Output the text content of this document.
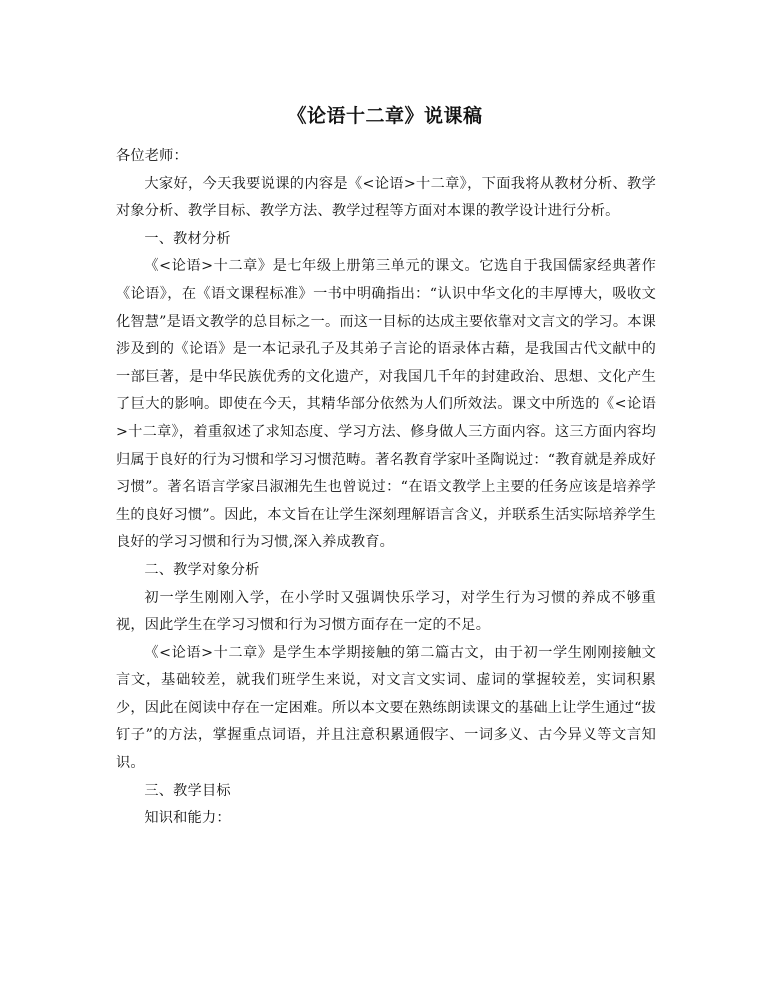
《论语十二章》说课稿

各位老师：

大家好，今天我要说课的内容是《<论语>十二章》，下面我将从教材分析、教学对象分析、教学目标、教学方法、教学过程等方面对本课的教学设计进行分析。

一、教材分析

《<论语>十二章》是七年级上册第三单元的课文。它选自于我国儒家经典著作《论语》，在《语文课程标准》一书中明确指出：“认识中华文化的丰厚博大，吸收文化智慧”是语文教学的总目标之一。而这一目标的达成主要依靠对文言文的学习。本课涉及到的《论语》是一本记录孔子及其弟子言论的语录体古藉，是我国古代文献中的一部巨著，是中华民族优秀的文化遗产，对我国几千年的封建政治、思想、文化产生了巨大的影响。即使在今天，其精华部分依然为人们所效法。课文中所选的《<论语>十二章》，着重叙述了求知态度、学习方法、修身做人三方面内容。这三方面内容均归属于良好的行为习惯和学习习惯范畴。著名教育学家叶圣陶说过：“教育就是养成好习惯”。著名语言学家吕淑湘先生也曾说过：“在语文教学上主要的任务应该是培养学生的良好习惯”。因此，本文旨在让学生深刻理解语言含义，并联系生活实际培养学生良好的学习习惯和行为习惯,深入养成教育。

二、教学对象分析

初一学生刚刚入学，在小学时又强调快乐学习，对学生行为习惯的养成不够重视，因此学生在学习习惯和行为习惯方面存在一定的不足。

《<论语>十二章》是学生本学期接触的第二篇古文，由于初一学生刚刚接触文言文，基础较差，就我们班学生来说，对文言文实词、虚词的掌握较差，实词积累少，因此在阅读中存在一定困难。所以本文要在熟练朗读课文的基础上让学生通过“拔钉子”的方法，掌握重点词语，并且注意积累通假字、一词多义、古今异义等文言知识。

三、教学目标

知识和能力：
